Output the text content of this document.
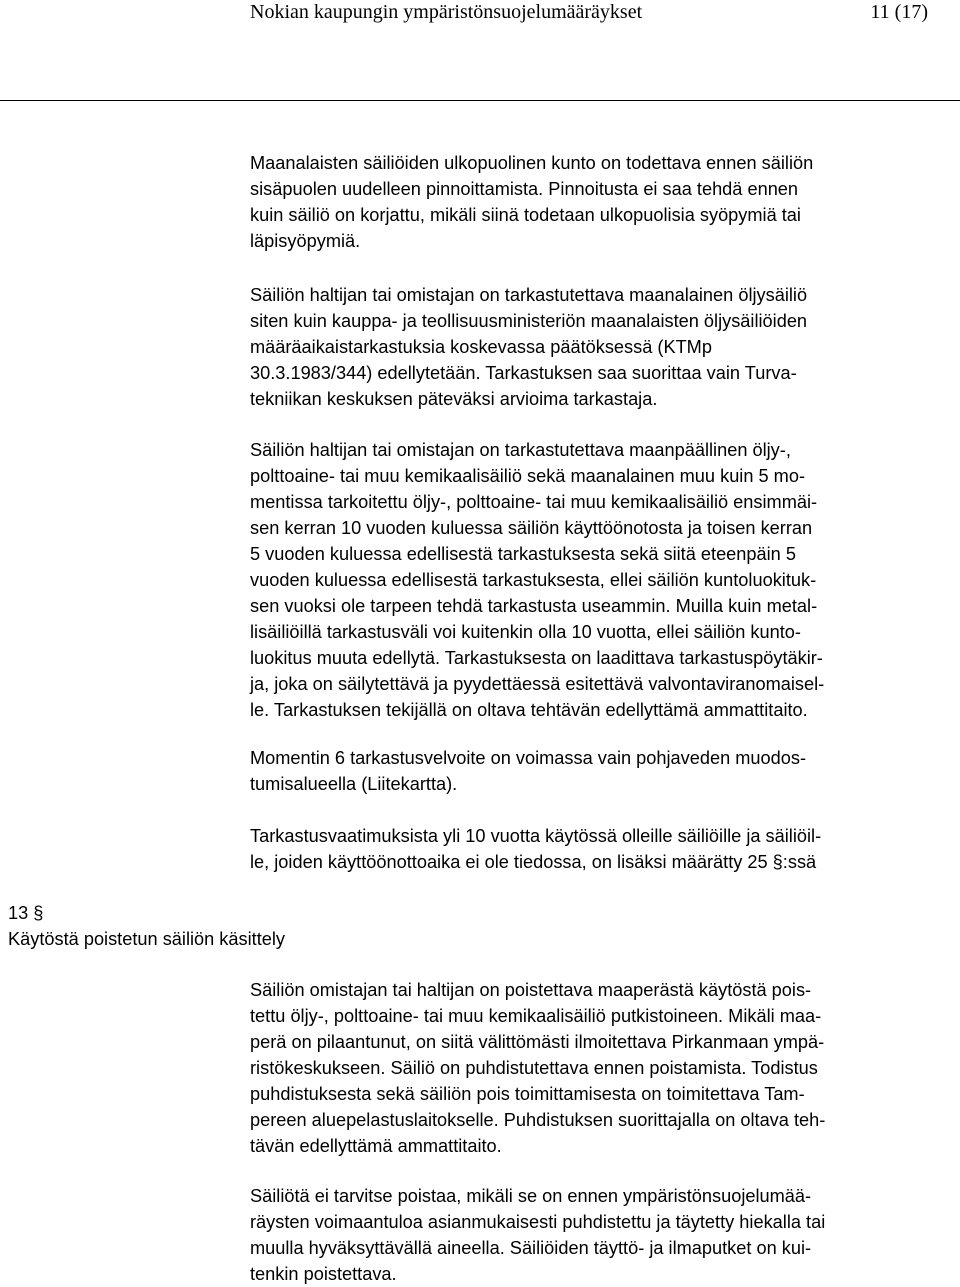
Nokian kaupungin ympäristönsuojelumääräykset	11 (17)
13 §
Käytöstä poistetun säiliön käsittely
Maanalaisten säiliöiden ulkopuolinen kunto on todettava ennen säiliön
sisäpuolen uudelleen pinnoittamista. Pinnoitusta ei saa tehdä ennen
kuin säiliö on korjattu, mikäli siinä todetaan ulkopuolisia syöpymiä tai
läpisyöpymiä.
Säiliön haltijan tai omistajan on tarkastutettava maanalainen öljysäiliö
siten kuin kauppa- ja teollisuusministeriön maanalaisten öljysäiliöiden
määräaikaistarkastuksia koskevassa päätöksessä (KTMp
30.3.1983/344) edellytetään. Tarkastuksen saa suorittaa vain Turva-
tekniikan keskuksen päteväksi arvioima tarkastaja.
Säiliön haltijan tai omistajan on tarkastutettava maanpäällinen öljy-,
polttoaine- tai muu kemikaalisäiliö sekä maanalainen muu kuin 5 mo-
mentissa tarkoitettu öljy-, polttoaine- tai muu kemikaalisäiliö ensimmäi-
sen kerran 10 vuoden kuluessa säiliön käyttöönotosta ja toisen kerran
5 vuoden kuluessa edellisestä tarkastuksesta sekä siitä eteenpäin 5
vuoden kuluessa edellisestä tarkastuksesta, ellei säiliön kuntoluokituk-
sen vuoksi ole tarpeen tehdä tarkastusta useammin. Muilla kuin metal-
lisäiliöillä tarkastusväli voi kuitenkin olla 10 vuotta, ellei säiliön kunto-
luokitus muuta edellytä. Tarkastuksesta on laadittava tarkastuspöytäkir-
ja, joka on säilytettävä ja pyydettäessä esitettävä valvontaviranomaisel-
le. Tarkastuksen tekijällä on oltava tehtävän edellyttämä ammattitaito.
Momentin 6 tarkastusvelvoite on voimassa vain pohjaveden muodos-
tumisalueella (Liitekartta).
Tarkastusvaatimuksista yli 10 vuotta käytössä olleille säiliöille ja säiliöil-
le, joiden käyttöönottoaika ei ole tiedossa, on lisäksi määrätty 25 §:ssä
Säiliön omistajan tai haltijan on poistettava maaperästä käytöstä pois-
tettu öljy-, polttoaine- tai muu kemikaalisäiliö putkistoineen. Mikäli maa-
perä on pilaantunut, on siitä välittömästi ilmoitettava Pirkanmaan ympä-
ristökeskukseen. Säiliö on puhdistutettava ennen poistamista. Todistus
puhdistuksesta sekä säiliön pois toimittamisesta on toimitettava Tam-
pereen aluepelastuslaitokselle. Puhdistuksen suorittajalla on oltava teh-
tävän edellyttämä ammattitaito.
Säiliötä ei tarvitse poistaa, mikäli se on ennen ympäristönsuojelumää-
räysten voimaantuloa asianmukaisesti puhdistettu ja täytetty hiekalla tai
muulla hyväksyttävällä aineella. Säiliöiden täyttö- ja ilmaputket on kui-
tenkin poistettava.
